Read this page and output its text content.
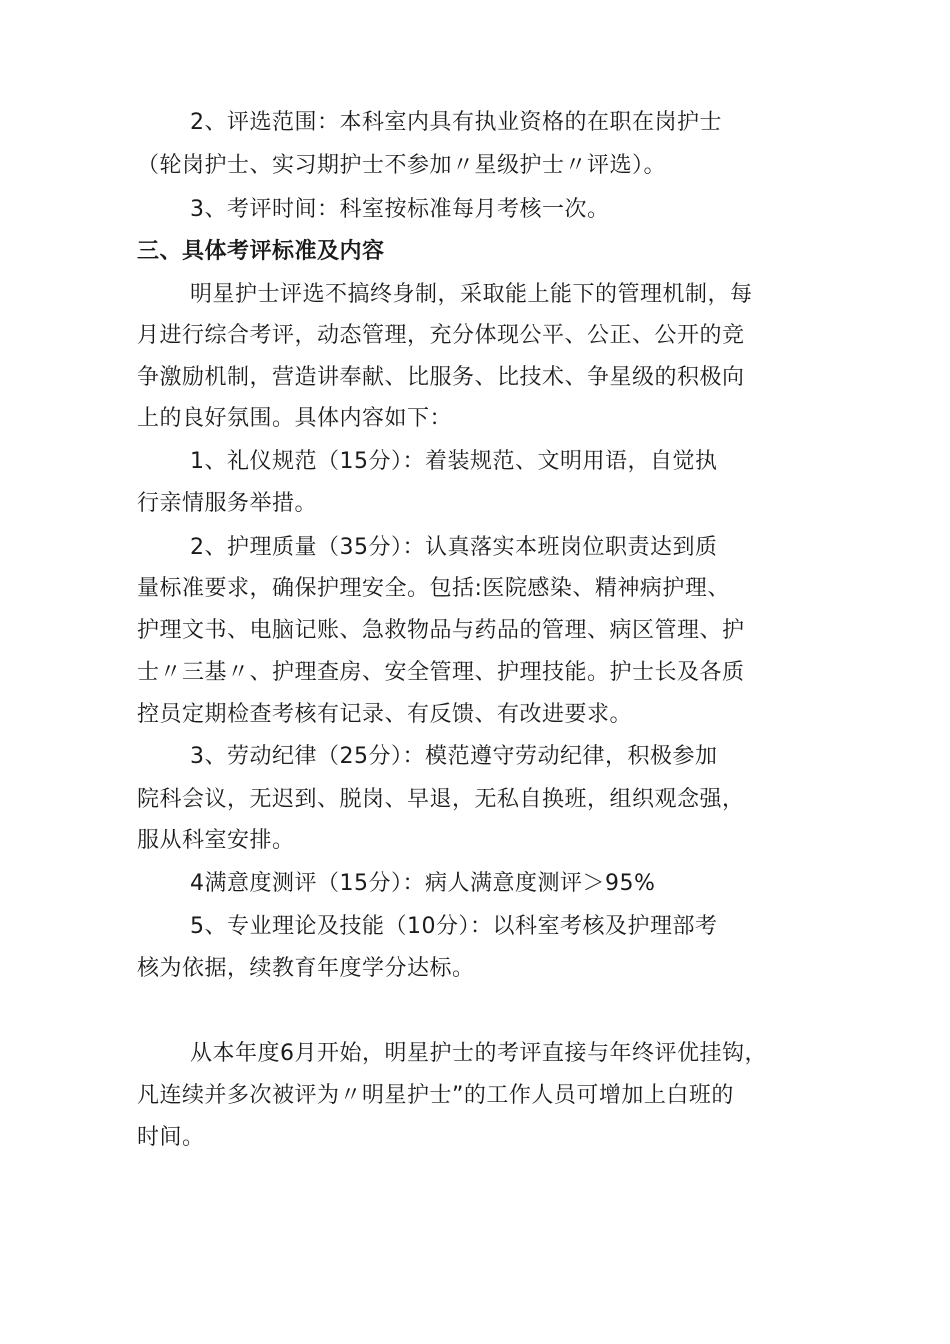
2、评选范围：本科室内具有执业资格的在职在岗护士
（轮岗护士、实习期护士不参加〃星级护士〃评选）。
3、考评时间：科室按标准每月考核一次。
三、具体考评标准及内容
明星护士评选不搞终身制，采取能上能下的管理机制，每
月进行综合考评，动态管理，充分体现公平、公正、公开的竞
争激励机制，营造讲奉献、比服务、比技术、争星级的积极向
上的良好氛围。具体内容如下：
1、礼仪规范（15分）：着装规范、文明用语，自觉执
行亲情服务举措。
2、护理质量（35分）：认真落实本班岗位职责达到质
量标准要求，确保护理安全。包括:医院感染、精神病护理、
护理文书、电脑记账、急救物品与药品的管理、病区管理、护
士〃三基〃、护理查房、安全管理、护理技能。护士长及各质
控员定期检查考核有记录、有反馈、有改进要求。
3、劳动纪律（25分）：模范遵守劳动纪律，积极参加
院科会议，无迟到、脱岗、早退，无私自换班，组织观念强，
服从科室安排。
4满意度测评（15分）：病人满意度测评＞95%
5、专业理论及技能（10分）：以科室考核及护理部考
核为依据，续教育年度学分达标。
从本年度6月开始，明星护士的考评直接与年终评优挂钩，
凡连续并多次被评为〃明星护士”的工作人员可增加上白班的
时间。
